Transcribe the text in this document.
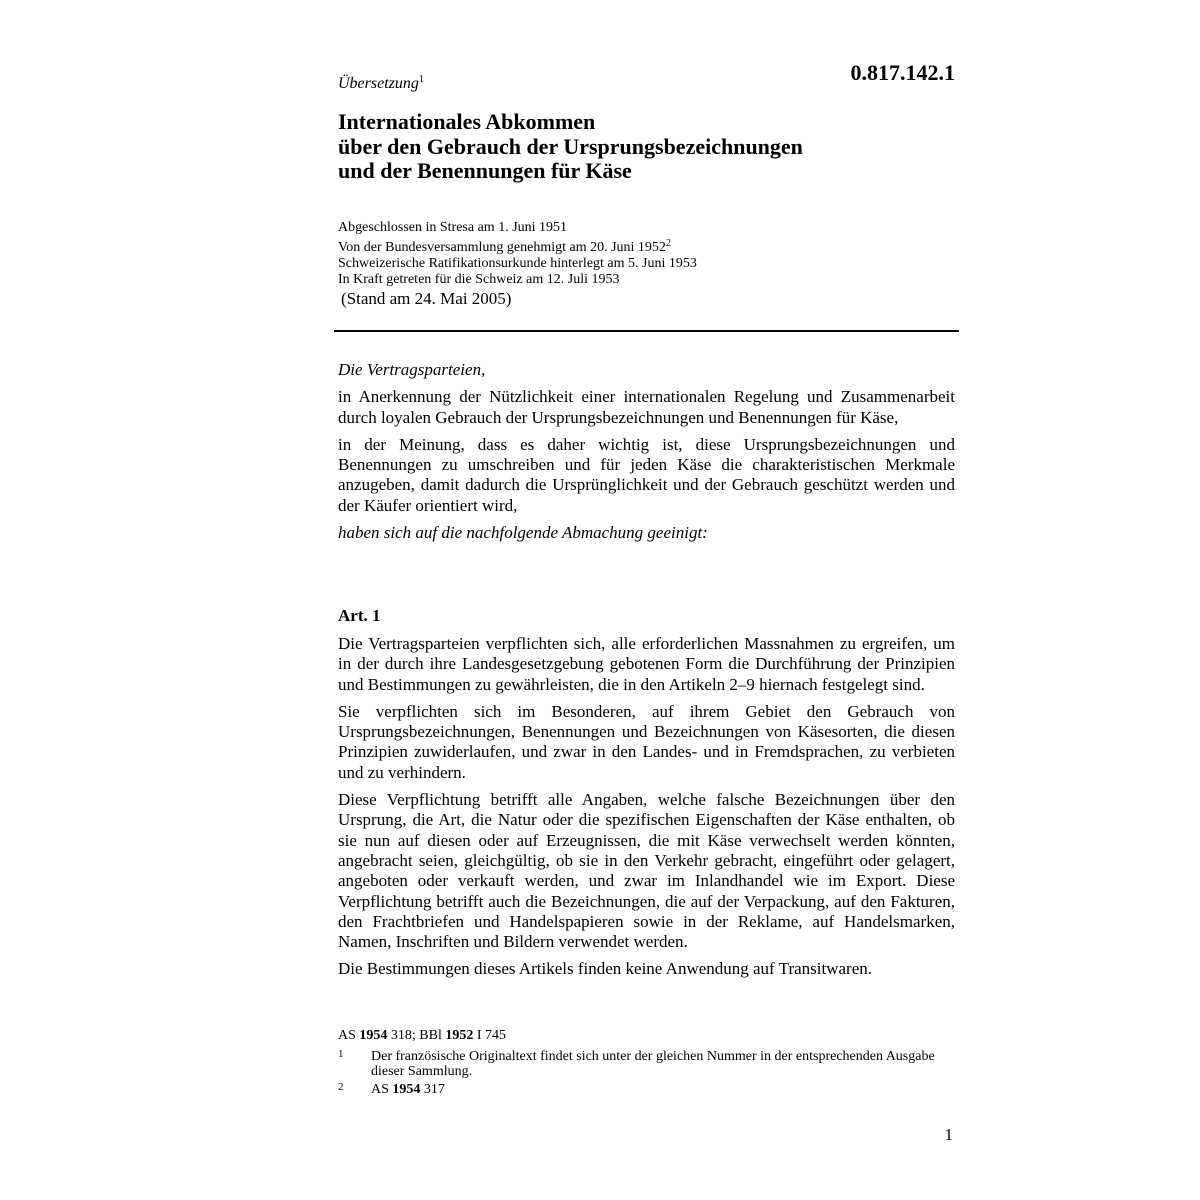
Übersetzung$^1$	0.817.142.1
Internationales Abkommen
über den Gebrauch der Ursprungsbezeichnungen
und der Benennungen für Käse
Abgeschlossen in Stresa am 1. Juni 1951
Von der Bundesversammlung genehmigt am 20. Juni 1952$^2$
Schweizerische Ratifikationsurkunde hinterlegt am 5. Juni 1953
In Kraft getreten für die Schweiz am 12. Juli 1953
(Stand am 24. Mai 2005)

Die Vertragsparteien,

in Anerkennung der Nützlichkeit einer internationalen Regelung und Zusammenarbeit durch loyalen Gebrauch der Ursprungsbezeichnungen und Benennungen für Käse,

in der Meinung, dass es daher wichtig ist, diese Ursprungsbezeichnungen und Benennungen zu umschreiben und für jeden Käse die charakteristischen Merkmale anzugeben, damit dadurch die Ursprünglichkeit und der Gebrauch geschützt werden und der Käufer orientiert wird,

haben sich auf die nachfolgende Abmachung geeinigt:

Art. 1

Die Vertragsparteien verpflichten sich, alle erforderlichen Massnahmen zu ergreifen, um in der durch ihre Landesgesetzgebung gebotenen Form die Durchführung der Prinzipien und Bestimmungen zu gewährleisten, die in den Artikeln 2–9 hiernach festgelegt sind.

Sie verpflichten sich im Besonderen, auf ihrem Gebiet den Gebrauch von Ursprungsbezeichnungen, Benennungen und Bezeichnungen von Käsesorten, die diesen Prinzipien zuwiderlaufen, und zwar in den Landes- und in Fremdsprachen, zu verbieten und zu verhindern.

Diese Verpflichtung betrifft alle Angaben, welche falsche Bezeichnungen über den Ursprung, die Art, die Natur oder die spezifischen Eigenschaften der Käse enthalten, ob sie nun auf diesen oder auf Erzeugnissen, die mit Käse verwechselt werden könnten, angebracht seien, gleichgültig, ob sie in den Verkehr gebracht, eingeführt oder gelagert, angeboten oder verkauft werden, und zwar im Inlandhandel wie im Export. Diese Verpflichtung betrifft auch die Bezeichnungen, die auf der Verpackung, auf den Fakturen, den Frachtbriefen und Handelspapieren sowie in der Reklame, auf Handelsmarken, Namen, Inschriften und Bildern verwendet werden.

Die Bestimmungen dieses Artikels finden keine Anwendung auf Transitwaren.

AS 1954 318; BBl 1952 I 745
1 Der französische Originaltext findet sich unter der gleichen Nummer in der entsprechenden Ausgabe dieser Sammlung.
2 AS 1954 317
1
